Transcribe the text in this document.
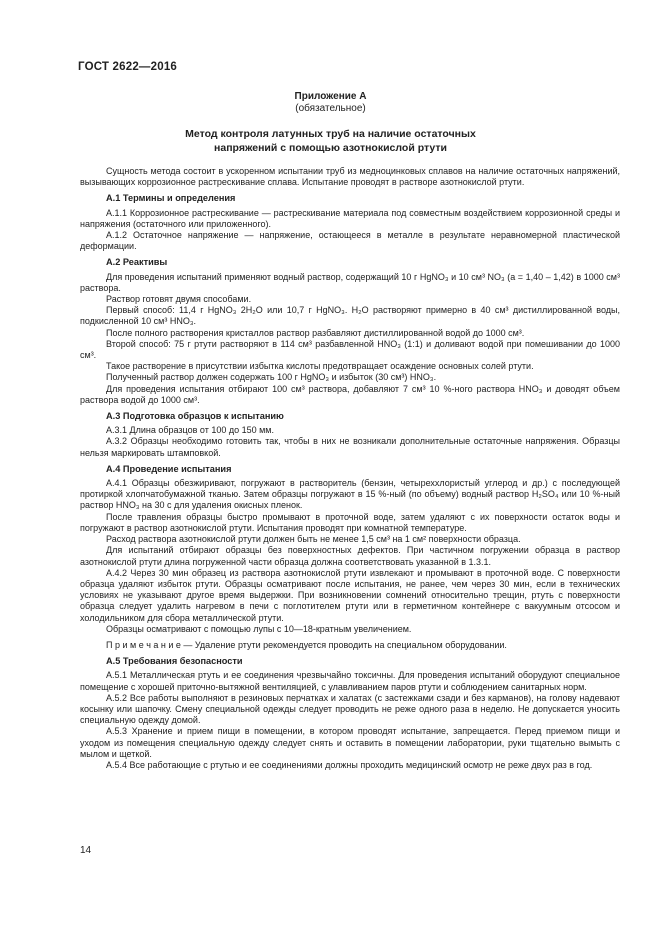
ГОСТ 2622—2016
Приложение А
(обязательное)
Метод контроля латунных труб на наличие остаточных
напряжений с помощью азотнокислой ртути

Сущность метода состоит в ускоренном испытании труб из медноцинковых сплавов на наличие остаточных напряжений, вызывающих коррозионное растрескивание сплава. Испытание проводят в растворе азотнокислой ртути.

А.1 Термины и определения

А.1.1 Коррозионное растрескивание — растрескивание материала под совместным воздействием коррозионной среды и напряжения (остаточного или приложенного).

А.1.2 Остаточное напряжение — напряжение, остающееся в металле в результате неравномерной пластической деформации.

А.2 Реактивы

Для проведения испытаний применяют водный раствор, содержащий 10 г HgNO₃ и 10 см³ NO₃ (а = 1,40 – 1,42) в 1000 см³ раствора.

Раствор готовят двумя способами.

Первый способ: 11,4 г HgNO₃ 2H₂O или 10,7 г HgNO₃. H₂O растворяют примерно в 40 см³ дистиллированной воды, подкисленной 10 см³ HNO₃.

После полного растворения кристаллов раствор разбавляют дистиллированной водой до 1000 см³.

Второй способ: 75 г ртути растворяют в 114 см³ разбавленной HNO₃ (1:1) и доливают водой при помешивании до 1000 см³.

Такое растворение в присутствии избытка кислоты предотвращает осаждение основных солей ртути.

Полученный раствор должен содержать 100 г HgNO₃ и избыток (30 см³) HNO₃.

Для проведения испытания отбирают 100 см³ раствора, добавляют 7 см³ 10 %-ного раствора HNO₃ и доводят объем раствора водой до 1000 см³.

А.3 Подготовка образцов к испытанию

А.3.1 Длина образцов от 100 до 150 мм.

А.3.2 Образцы необходимо готовить так, чтобы в них не возникали дополнительные остаточные напряжения. Образцы нельзя маркировать штамповкой.

А.4 Проведение испытания

А.4.1 Образцы обезжиривают, погружают в растворитель (бензин, четыреххлористый углерод и др.) с последующей протиркой хлопчатобумажной тканью. Затем образцы погружают в 15 %-ный (по объему) водный раствор H₂SO₄ или 10 %-ный раствор HNO₃ на 30 с для удаления окисных пленок.

После травления образцы быстро промывают в проточной воде, затем удаляют с их поверхности остаток воды и погружают в раствор азотнокислой ртути. Испытания проводят при комнатной температуре.

Расход раствора азотнокислой ртути должен быть не менее 1,5 см³ на 1 см² поверхности образца.

Для испытаний отбирают образцы без поверхностных дефектов. При частичном погружении образца в раствор азотнокислой ртути длина погруженной части образца должна соответствовать указанной в 1.3.1.

А.4.2 Через 30 мин образец из раствора азотнокислой ртути извлекают и промывают в проточной воде. С поверхности образца удаляют избыток ртути. Образцы осматривают после испытания, не ранее, чем через 30 мин, если в технических условиях не указывают другое время выдержки. При возникновении сомнений относительно трещин, ртуть с поверхности образца следует удалить нагревом в печи с поглотителем ртути или в герметичном контейнере с вакуумным отсосом и холодильником для сбора металлической ртути.

Образцы осматривают с помощью лупы с 10—18-кратным увеличением.

П р и м е ч а н и е — Удаление ртути рекомендуется проводить на специальном оборудовании.

А.5 Требования безопасности

А.5.1 Металлическая ртуть и ее соединения чрезвычайно токсичны. Для проведения испытаний оборудуют специальное помещение с хорошей приточно-вытяжной вентиляцией, с улавливанием паров ртути и соблюдением санитарных норм.

А.5.2 Все работы выполняют в резиновых перчатках и халатах (с застежками сзади и без карманов), на голову надевают косынку или шапочку. Смену специальной одежды следует проводить не реже одного раза в неделю. Не допускается уносить специальную одежду домой.

А.5.3 Хранение и прием пищи в помещении, в котором проводят испытание, запрещается. Перед приемом пищи и уходом из помещения специальную одежду следует снять и оставить в помещении лаборатории, руки тщательно вымыть с мылом и щеткой.

А.5.4 Все работающие с ртутью и ее соединениями должны проходить медицинский осмотр не реже двух раз в год.

14
